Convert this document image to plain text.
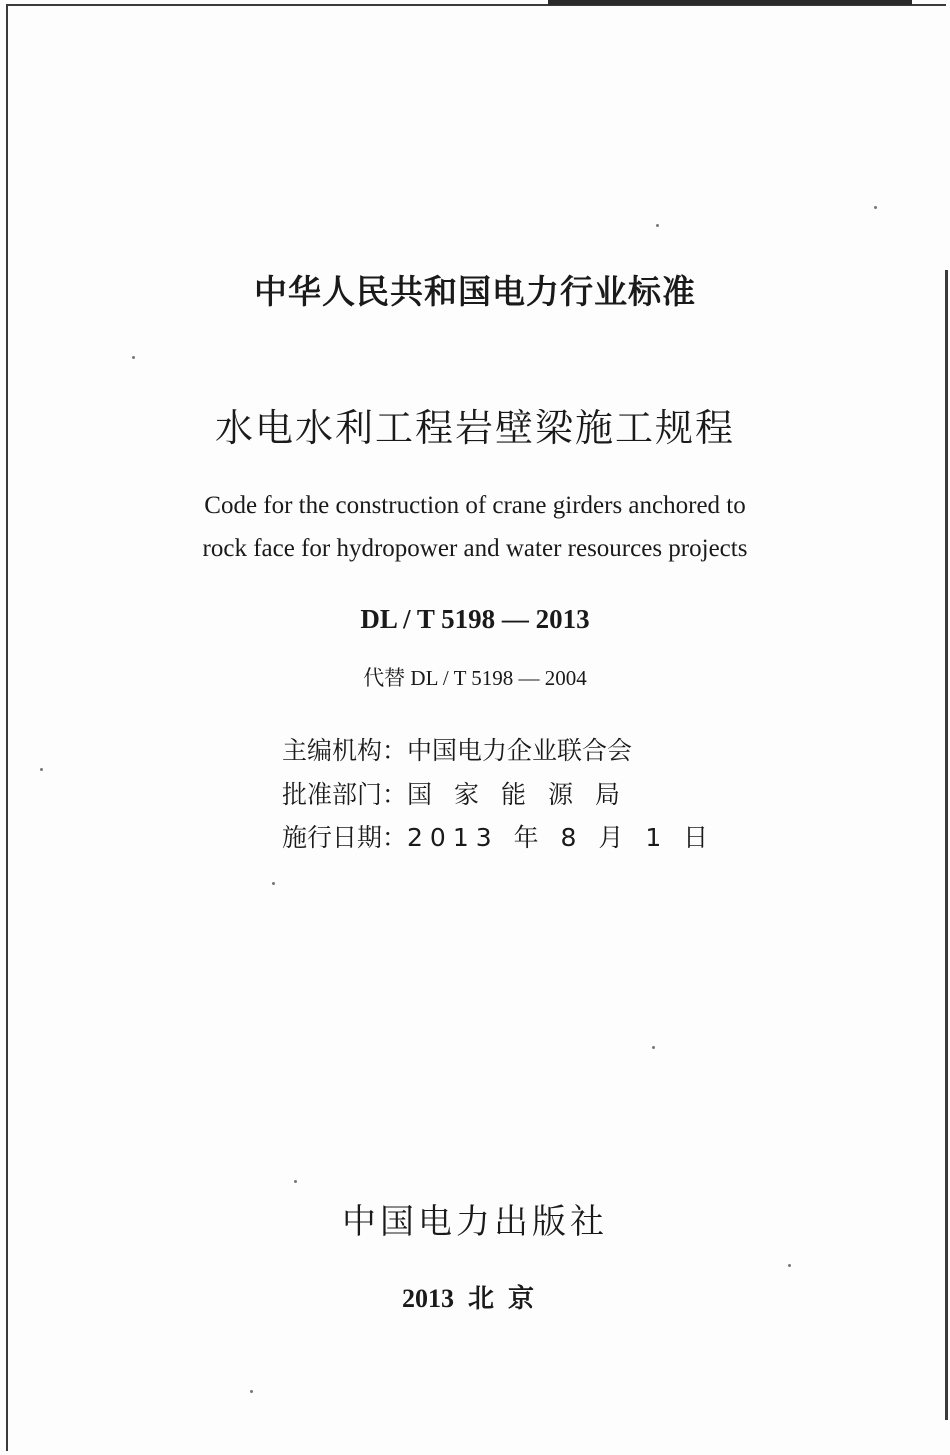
中华人民共和国电力行业标准
水电水利工程岩壁梁施工规程
Code for the construction of crane girders anchored to
rock face for hydropower and water resources projects
DL / T 5198 — 2013
代替 DL / T 5198 — 2004
主编机构：中国电力企业联合会
批准部门：国家能源局
施行日期：2013 年 8 月 1 日
中国电力出版社
2013 北京
